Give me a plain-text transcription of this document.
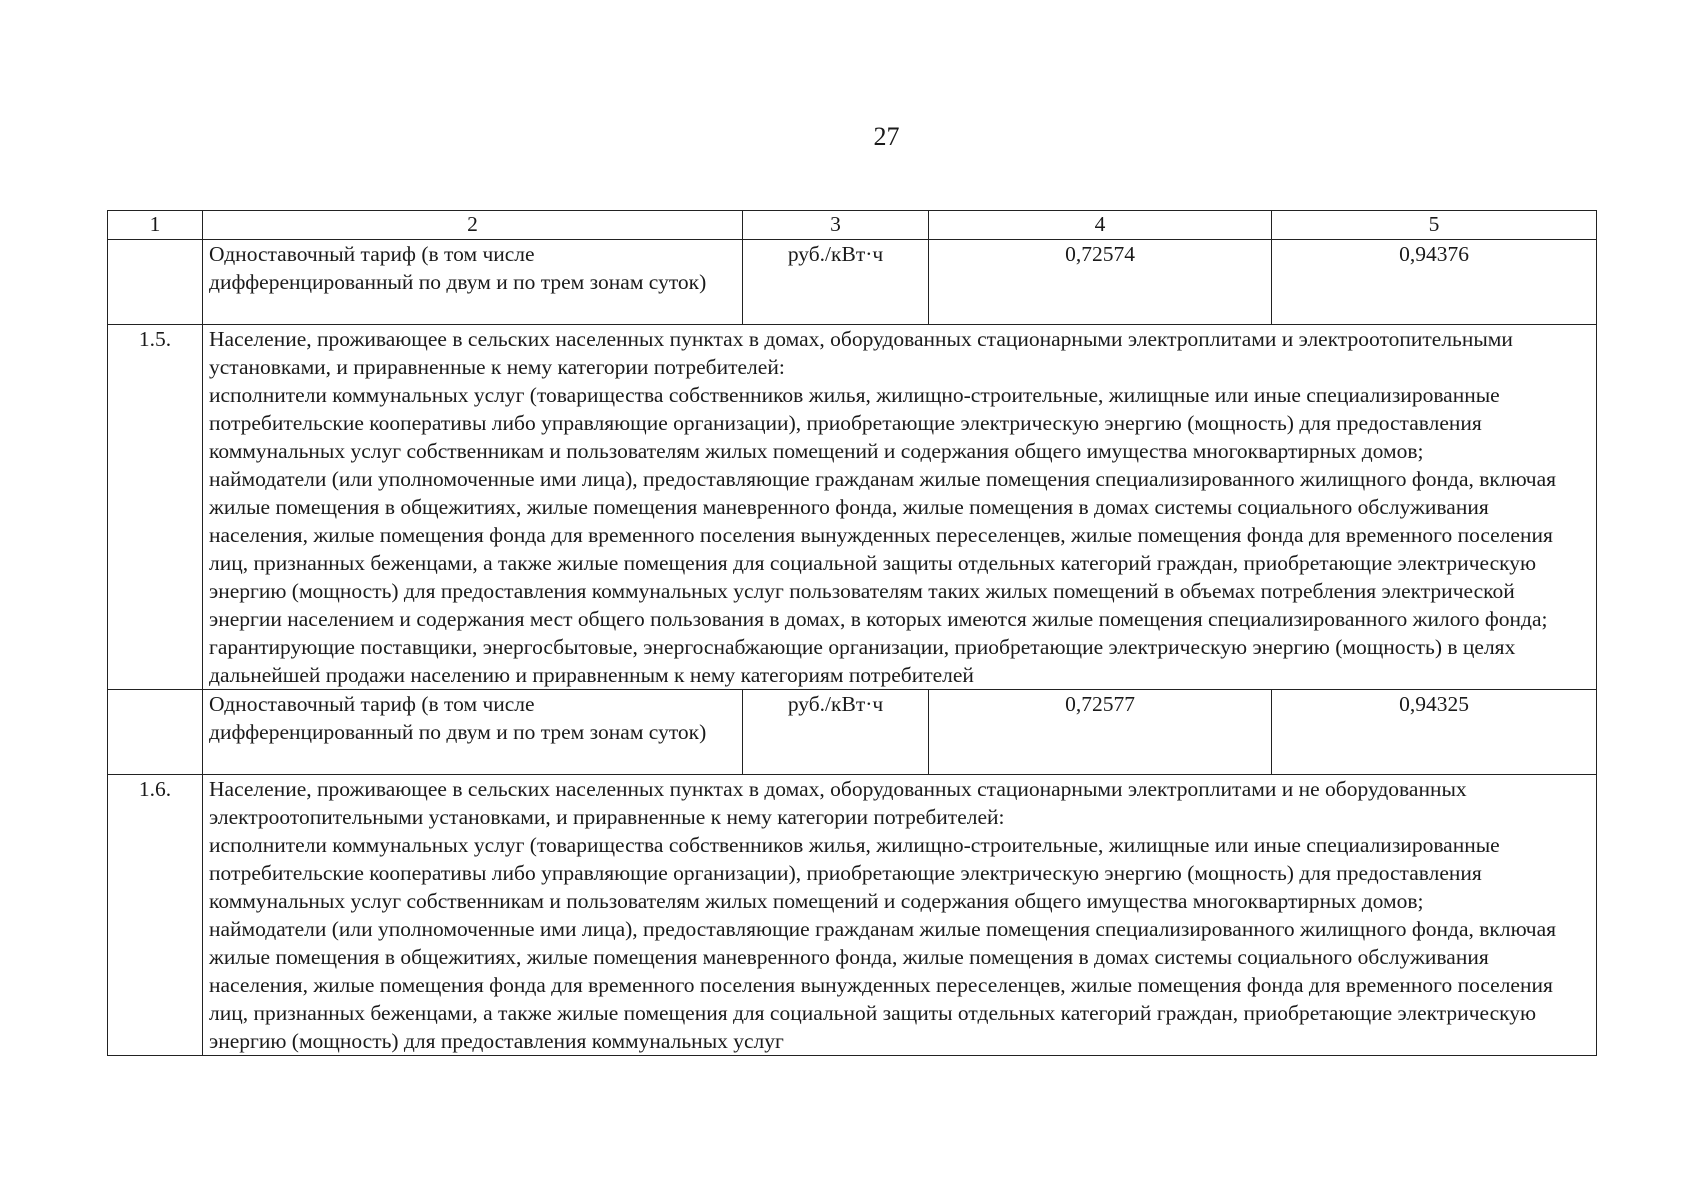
27
1	2	3	4	5
	Одноставочный тариф (в том числе дифференцированный по двум и по трем зонам суток)	руб./кВт·ч	0,72574	0,94376
1.5.	Население, проживающее в сельских населенных пунктах в домах, оборудованных стационарными электроплитами и электроотопительными установками, и приравненные к нему категории потребителей:
исполнители коммунальных услуг (товарищества собственников жилья, жилищно-строительные, жилищные или иные специализированные потребительские кооперативы либо управляющие организации), приобретающие электрическую энергию (мощность) для предоставления коммунальных услуг собственникам и пользователям жилых помещений и содержания общего имущества многоквартирных домов;
наймодатели (или уполномоченные ими лица), предоставляющие гражданам жилые помещения специализированного жилищного фонда, включая жилые помещения в общежитиях, жилые помещения маневренного фонда, жилые помещения в домах системы социального обслуживания населения, жилые помещения фонда для временного поселения вынужденных переселенцев, жилые помещения фонда для временного поселения лиц, признанных беженцами, а также жилые помещения для социальной защиты отдельных категорий граждан, приобретающие электрическую энергию (мощность) для предоставления коммунальных услуг пользователям таких жилых помещений в объемах потребления электрической энергии населением и содержания мест общего пользования в домах, в которых имеются жилые помещения специализированного жилого фонда;
гарантирующие поставщики, энергосбытовые, энергоснабжающие организации, приобретающие электрическую энергию (мощность) в целях дальнейшей продажи населению и приравненным к нему категориям потребителей			

	Одноставочный тариф (в том числе дифференцированный по двум и по трем зонам суток)	руб./кВт·ч	0,72577	0,94325
1.6.	Население, проживающее в сельских населенных пунктах в домах, оборудованных стационарными электроплитами и не оборудованных электроотопительными установками, и приравненные к нему категории потребителей:
исполнители коммунальных услуг (товарищества собственников жилья, жилищно-строительные, жилищные или иные специализированные потребительские кооперативы либо управляющие организации), приобретающие электрическую энергию (мощность) для предоставления коммунальных услуг собственникам и пользователям жилых помещений и содержания общего имущества многоквартирных домов;
наймодатели (или уполномоченные ими лица), предоставляющие гражданам жилые помещения специализированного жилищного фонда, включая жилые помещения в общежитиях, жилые помещения маневренного фонда, жилые помещения в домах системы социального обслуживания населения, жилые помещения фонда для временного поселения вынужденных переселенцев, жилые помещения фонда для временного поселения лиц, признанных беженцами, а также жилые помещения для социальной защиты отдельных категорий граждан, приобретающие электрическую энергию (мощность) для предоставления коммунальных услуг			
